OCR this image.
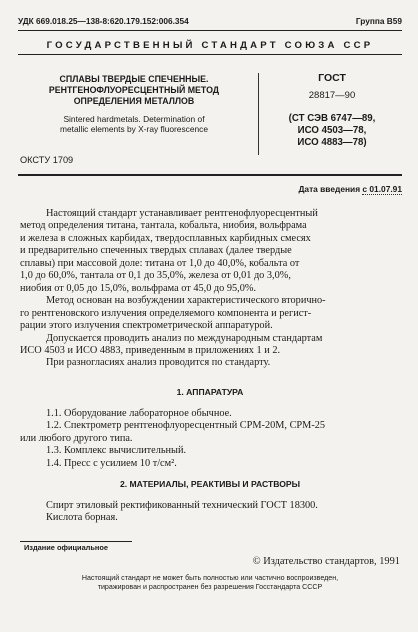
УДК 669.018.25—138-8:620.179.152:006.354	Группа В59
ГОСУДАРСТВЕННЫЙ СТАНДАРТ СОЮЗА ССР
СПЛАВЫ ТВЕРДЫЕ СПЕЧЕННЫЕ.
РЕНТГЕНОФЛУОРЕСЦЕНТНЫЙ МЕТОД
ОПРЕДЕЛЕНИЯ МЕТАЛЛОВ
Sintered hardmetals. Determination of
metallic elements by X-ray fluorescence
ГОСТ
28817—90
(СТ СЭВ 6747—89,
ИСО 4503—78,
ИСО 4883—78)
ОКСТУ 1709
Дата введения с 01.07.91
Настоящий стандарт устанавливает рентгенофлуоресцентный
метод определения титана, тантала, кобальта, ниобия, вольфрама
и железа в сложных карбидах, твердосплавных карбидных смесях
и предварительно спеченных твердых сплавах (далее твердые
сплавы) при массовой доле: титана от 1,0 до 40,0%, кобальта от
1,0 до 60,0%, тантала от 0,1 до 35,0%, железа от 0,01 до 3,0%,
ниобия от 0,05 до 15,0%, вольфрама от 45,0 до 95,0%.
Метод основан на возбуждении характеристического вторично-
го рентгеновского излучения определяемого компонента и регист-
рации этого излучения спектрометрической аппаратурой.
Допускается проводить анализ по международным стандартам
ИСО 4503 и ИСО 4883, приведенным в приложениях 1 и 2.
При разногласиях анализ проводится по стандарту.
1. АППАРАТУРА
1.1. Оборудование лабораторное обычное.
1.2. Спектрометр рентгенофлуоресцентный СРМ-20М, СРМ-25
или любого другого типа.
1.3. Комплекс вычислительный.
1.4. Пресс с усилием 10 т/см².
2. МАТЕРИАЛЫ, РЕАКТИВЫ И РАСТВОРЫ
Спирт этиловый ректификованный технический ГОСТ 18300.
Кислота борная.
Издание официальное
© Издательство стандартов, 1991
Настоящий стандарт не может быть полностью или частично воспроизведен,
тиражирован и распространен без разрешения Госстандарта СССР
